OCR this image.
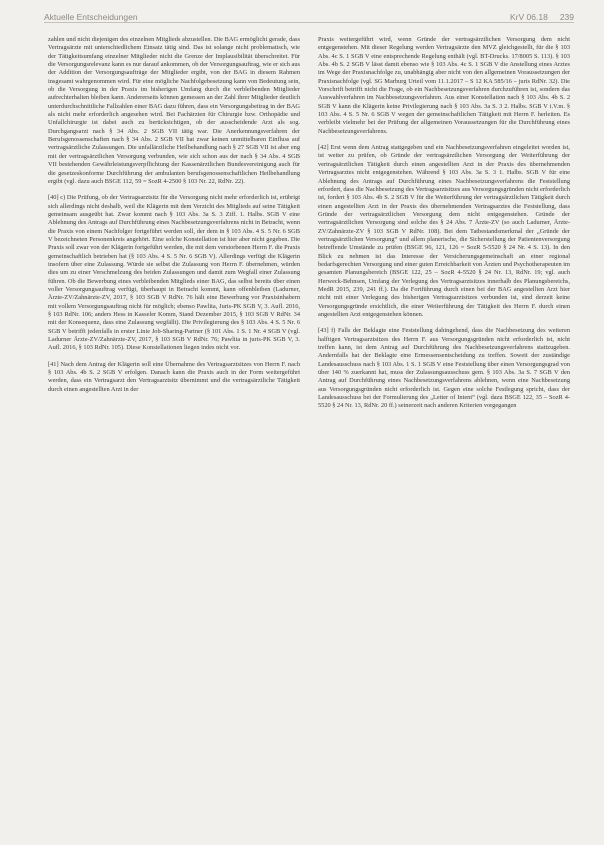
Aktuelle Entscheidungen	KrV 06.18 239

zahlen und nicht diejenigen des einzelnen Mitglieds abzustellen. Die BAG ermöglicht gerade, dass Vertragsärzte mit unterschiedlichem Einsatz tätig sind. Das ist solange nicht problematisch, wie der Tätigkeitsumfang einzelner Mitglieder nicht die Grenze der Implausibilität überschreitet. Für die Versorgungsrelevanz kann es nur darauf ankommen, ob der Versorgungsauftrag, wie er sich aus der Addition der Versorgungsaufträge der Mitglieder ergibt, von der BAG in diesem Rahmen insgesamt wahrgenommen wird. Für eine mögliche Nachfolgebesetzung kann von Bedeutung sein, ob die Versorgung in der Praxis im bisherigen Umfang durch die verbleibenden Mitglieder aufrechterhalten bleiben kann. Andererseits können gemessen an der Zahl ihrer Mitglieder deutlich unterdurchschnittliche Fallzahlen einer BAG dazu führen, dass ein Versorgungsbeitrag in der BAG als nicht mehr erforderlich angesehen wird. Bei Fachärzten für Chirurgie bzw. Orthopädie und Unfallchirurgie ist dabei auch zu berücksichtigen, ob der ausscheidende Arzt als sog. Durchgangsarzt nach § 34 Abs. 2 SGB VII tätig war. Die Anerkennungsverfahren der Berufsgenossenschaften nach § 34 Abs. 2 SGB VII hat zwar keinen unmittelbaren Einfluss auf vertragsärztliche Zulassungen. Die unfallärztliche Heilbehandlung nach § 27 SGB VII ist aber eng mit der vertragsärztlichen Versorgung verbunden, wie sich schon aus der nach § 34 Abs. 4 SGB VII bestehenden Gewährleistungsverpflichtung der Kassenärztlichen Bundesvereinigung auch für die gesetzeskonforme Durchführung der ambulanten berufsgenossenschaftlichen Heilbehandlung ergibt (vgl. dazu auch BSGE 112, 59 = SozR 4-2500 § 103 Nr. 22, RdNr. 22).

[40] c) Die Prüfung, ob der Vertragsarztsitz für die Versorgung nicht mehr erforderlich ist, erübrigt sich allerdings nicht deshalb, weil die Klägerin mit dem Verzicht des Mitglieds auf seine Tätigkeit gemeinsam ausgeübt hat. Zwar kommt nach § 103 Abs. 3a S. 3 Ziff. 1. Halbs. SGB V eine Ablehnung des Antrags auf Durchführung eines Nachbesetzungsverfahrens nicht in Betracht, wenn die Praxis von einem Nachfolger fortgeführt werden soll, der dem in § 103 Abs. 4 S. 5 Nr. 6 SGB V bezeichneten Personenkreis angehört. Eine solche Konstellation ist hier aber nicht gegeben. Die Praxis soll zwar von der Klägerin fortgeführt werden, die mit dem verstorbenen Herrn F. die Praxis gemeinschaftlich betrieben hat (§ 103 Abs. 4 S. 5 Nr. 6 SGB V). Allerdings verfügt die Klägerin insofern über eine Zulassung. Würde sie selbst die Zulassung von Herrn F. übernehmen, würden dies um zu einer Verschmelzung des beiden Zulassungen und damit zum Wegfall einer Zulassung führen. Ob die Bewerbung eines verbleibenden Mitglieds einer BAG, das selbst bereits über einen voller Versorgungsauftrag verfügt, überhaupt in Betracht kommt, kann offenbleiben (Ladurner, Ärzte-ZV/Zahnärzte-ZV, 2017, § 103 SGB V RdNr. 76 hält eine Bewerbung vor Praxisinhabern mit vollem Versorgungsauftrag nicht für möglich; ebenso Pawlita, Juris-PK SGB V, 3. Aufl. 2016, § 103 RdNr. 106; anders Hess in Kasseler Komm, Stand Dezember 2015, § 103 SGB V RdNr. 34 mit der Konsequenz, dass eine Zulassung wegfällt). Die Privilegierung des § 103 Abs. 4 S. 5 Nr. 6 SGB V betrifft jedenfalls in erster Linie Job-Sharing-Partner (§ 101 Abs. 1 S. 1 Nr. 4 SGB V (vgl. Ladurner Ärzte-ZV/Zahnärzte-ZV, 2017, § 103 SGB V RdNr. 76; Pawlita in juris-PK SGB V, 3. Aufl. 2016, § 103 RdNr. 105). Diese Konstellationen liegen indes nicht vor.

[41] Nach dem Antrag der Klägerin soll eine Übernahme des Vertragsarztsitzes von Herrn F. nach § 103 Abs. 4b S. 2 SGB V erfolgen. Danach kann die Praxis auch in der Form weitergeführt werden, dass ein Vertragsarzt den Vertragsarztsitz übernimmt und die vertragsärztliche Tätigkeit durch einen angestellten Arzt in der

Praxis weitergeführt wird, wenn Gründe der vertragsärztlichen Versorgung dem nicht entgegenstehen. Mit dieser Regelung werden Vertragsärzte den MVZ gleichgestellt, für die § 103 Abs. 4c S. 1 SGB V eine entsprechende Regelung enthält (vgl. BT-Drucks. 17/8005 S. 113). § 103 Abs. 4b S. 2 SGB V lässt damit ebenso wie § 103 Abs. 4c S. 1 SGB V die Anstellung eines Arztes im Wege der Praxisnachfolge zu, unabhängig aber nicht von den allgemeinen Voraussetzungen der Praxisnachfolge (vgl. SG Marburg Urteil vom 11.1.2017 – S 12 KA 585/16 – juris RdNr. 32). Die Vorschrift betrifft nicht die Frage, ob ein Nachbesetzungsverfahren durchzuführen ist, sondern das Auswahlverfahren im Nachbesetzungsverfahren. Aus einer Konstellation nach § 103 Abs. 4b S. 2 SGB V kann die Klägerin keine Privilegierung nach § 103 Abs. 3a S. 3 2. Halbs. SGB V i.V.m. § 103 Abs. 4 S. 5 Nr. 6 SGB V wegen der gemeinschaftlichen Tätigkeit mit Herrn F. herleiten. Es verbleibt vielmehr bei der Prüfung der allgemeinen Voraussetzungen für die Durchführung eines Nachbesetzungsverfahrens.

[42] Erst wenn dem Antrag stattgegeben und ein Nachbesetzungsverfahren eingeleitet worden ist, ist weiter zu prüfen, ob Gründe der vertragsärztlichen Versorgung der Weiterführung der vertragsärztlichen Tätigkeit durch einen angestellten Arzt in der Praxis des übernehmenden Vertragsarztes nicht entgegenstehen. Während § 103 Abs. 3a S. 3 1. Halbs. SGB V für eine Ablehnung des Antrags auf Durchführung eines Nachbesetzungsverfahrens die Feststellung erfordert, dass die Nachbesetzung des Vertragsarztsitzes aus Versorgungsgründen nicht erforderlich ist, fordert § 103 Abs. 4b S. 2 SGB V für die Weiterführung der vertragsärztlichen Tätigkeit durch einen angestellten Arzt in der Praxis des übernehmenden Vertragsarztes die Feststellung, dass Gründe der vertragsärztlichen Versorgung dem nicht entgegenstehen. Gründe der vertragsärztlichen Versorgung sind solche des § 24 Abs. 7 Ärzte-ZV (so auch Ladurner, Ärzte-ZV/Zahnärzte-ZV § 103 SGB V RdNr. 108). Bei dem Tatbestandsmerkmal der „Gründe der vertragsärztlichen Versorgung“ und allem planerische, die Sicherstellung der Patientenversorgung betreffende Umstände zu prüfen (BSGE 96, 121, 126 = SozR 5-5520 § 24 Nr. 4 S. 13). In den Blick zu nehmen ist das Interesse der Versicherungsgemeinschaft an einer regional bedarfsgerechten Versorgung und einer guten Erreichbarkeit von Ärzten und Psychotherapeuten im gesamten Planungsbereich (BSGE 122, 25 – SozR 4-5520 § 24 Nr. 13, RdNr. 19; vgl. auch Herweck-Behnsen, Umfang der Verlegung des Vertragsarztsitzes innerhalb des Planungsbereichs, MedR 2015, 239, 241 ff.). Da die Fortführung durch einen bei der BAG angestellten Arzt hier nicht mit einer Verlegung des bisherigen Vertragsarztsitzes verbunden ist, sind derzeit keine Versorgungsgründe ersichtlich, die einer Weiterführung der Tätigkeit des Herrn F. durch einen angestellten Arzt entgegenstehen können.

[43] f) Falls der Beklagte eine Feststellung dahingehend, dass die Nachbesetzung des weiteren halftigen Vertragsarztsitzes des Herrn F. aus Versorgungsgründen nicht erforderlich ist, nicht treffen kann, ist dem Antrag auf Durchführung des Nachbesetzungsverfahrens stattzugeben. Andernfalls hat der Beklagte eine Ermessensentscheidung zu treffen. Soweit der zuständige Landesausschuss nach § 103 Abs. 1 S. 1 SGB V eine Feststellung über einen Versorgungsgrad von über 140 % zuerkannt hat, muss der Zulassungsausschuss gem. § 103 Abs. 3a S. 7 SGB V den Antrag auf Durchführung eines Nachbesetzungsverfahrens ablehnen, wenn eine Nachbesetzung aus Versorgungsgründen nicht erforderlich ist. Gegen eine solche Festlegung spricht, dass der Landesausschuss bei der Formulierung des „Letter of Intent“ (vgl. dazu BSGE 122, 35 – SozR 4-5520 § 24 Nr. 13, RdNr. 20 ff.) seinerzeit nach anderen Kriterien vorgegangen
